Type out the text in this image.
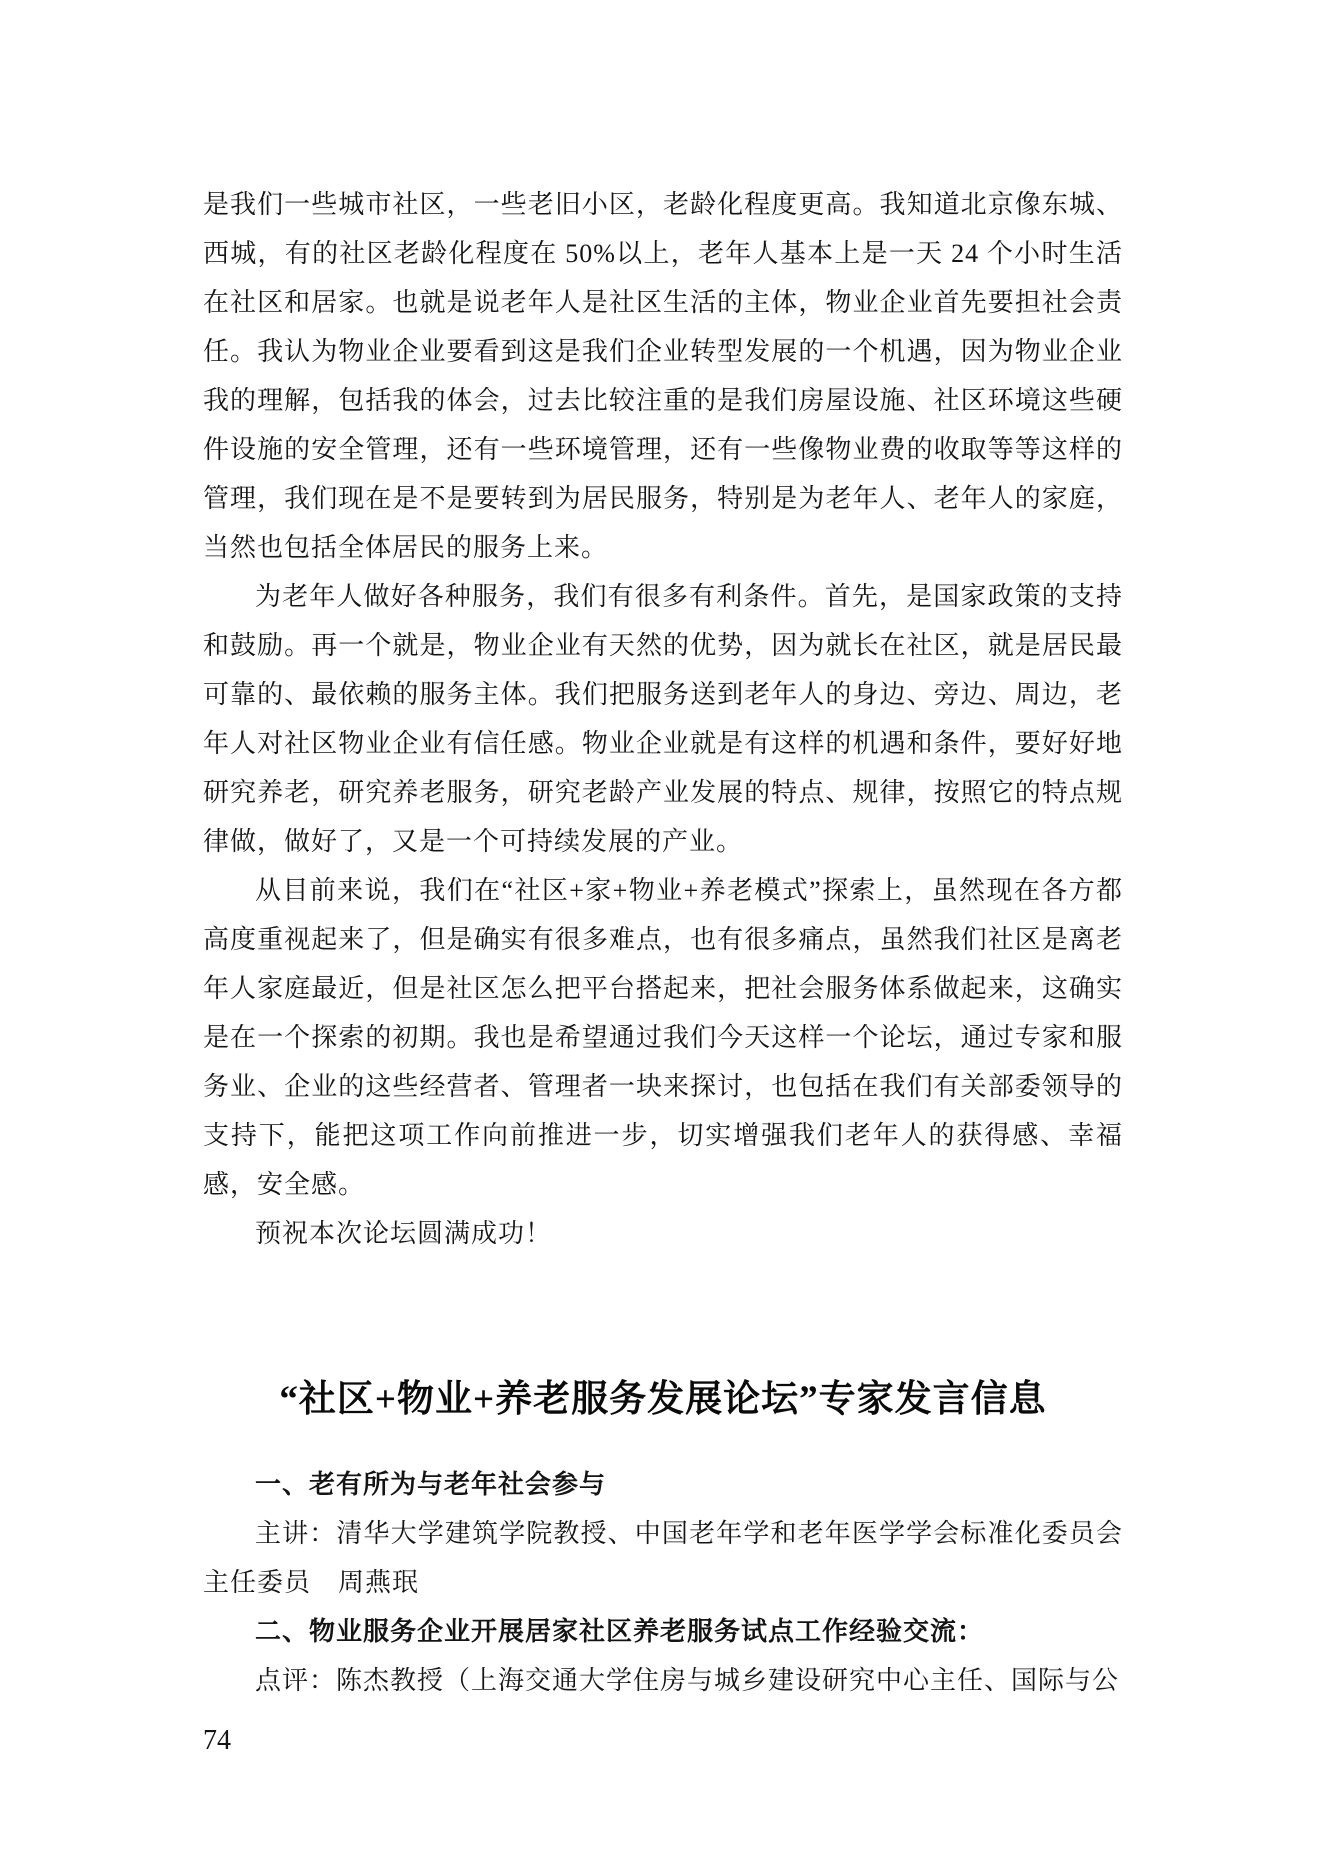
是我们一些城市社区，一些老旧小区，老龄化程度更高。我知道北京像东城、西城，有的社区老龄化程度在 50%以上，老年人基本上是一天 24 个小时生活在社区和居家。也就是说老年人是社区生活的主体，物业企业首先要担社会责任。我认为物业企业要看到这是我们企业转型发展的一个机遇，因为物业企业我的理解，包括我的体会，过去比较注重的是我们房屋设施、社区环境这些硬件设施的安全管理，还有一些环境管理，还有一些像物业费的收取等等这样的管理，我们现在是不是要转到为居民服务，特别是为老年人、老年人的家庭，当然也包括全体居民的服务上来。

为老年人做好各种服务，我们有很多有利条件。首先，是国家政策的支持和鼓励。再一个就是，物业企业有天然的优势，因为就长在社区，就是居民最可靠的、最依赖的服务主体。我们把服务送到老年人的身边、旁边、周边，老年人对社区物业企业有信任感。物业企业就是有这样的机遇和条件，要好好地研究养老，研究养老服务，研究老龄产业发展的特点、规律，按照它的特点规律做，做好了，又是一个可持续发展的产业。

从目前来说，我们在“社区+家+物业+养老模式”探索上，虽然现在各方都高度重视起来了，但是确实有很多难点，也有很多痛点，虽然我们社区是离老年人家庭最近，但是社区怎么把平台搭起来，把社会服务体系做起来，这确实是在一个探索的初期。我也是希望通过我们今天这样一个论坛，通过专家和服务业、企业的这些经营者、管理者一块来探讨，也包括在我们有关部委领导的支持下，能把这项工作向前推进一步，切实增强我们老年人的获得感、幸福感，安全感。

预祝本次论坛圆满成功！

“社区+物业+养老服务发展论坛”专家发言信息

一、老有所为与老年社会参与

主讲：清华大学建筑学院教授、中国老年学和老年医学学会标准化委员会主任委员　周燕珉

二、物业服务企业开展居家社区养老服务试点工作经验交流：

点评：陈杰教授（上海交通大学住房与城乡建设研究中心主任、国际与公

74
